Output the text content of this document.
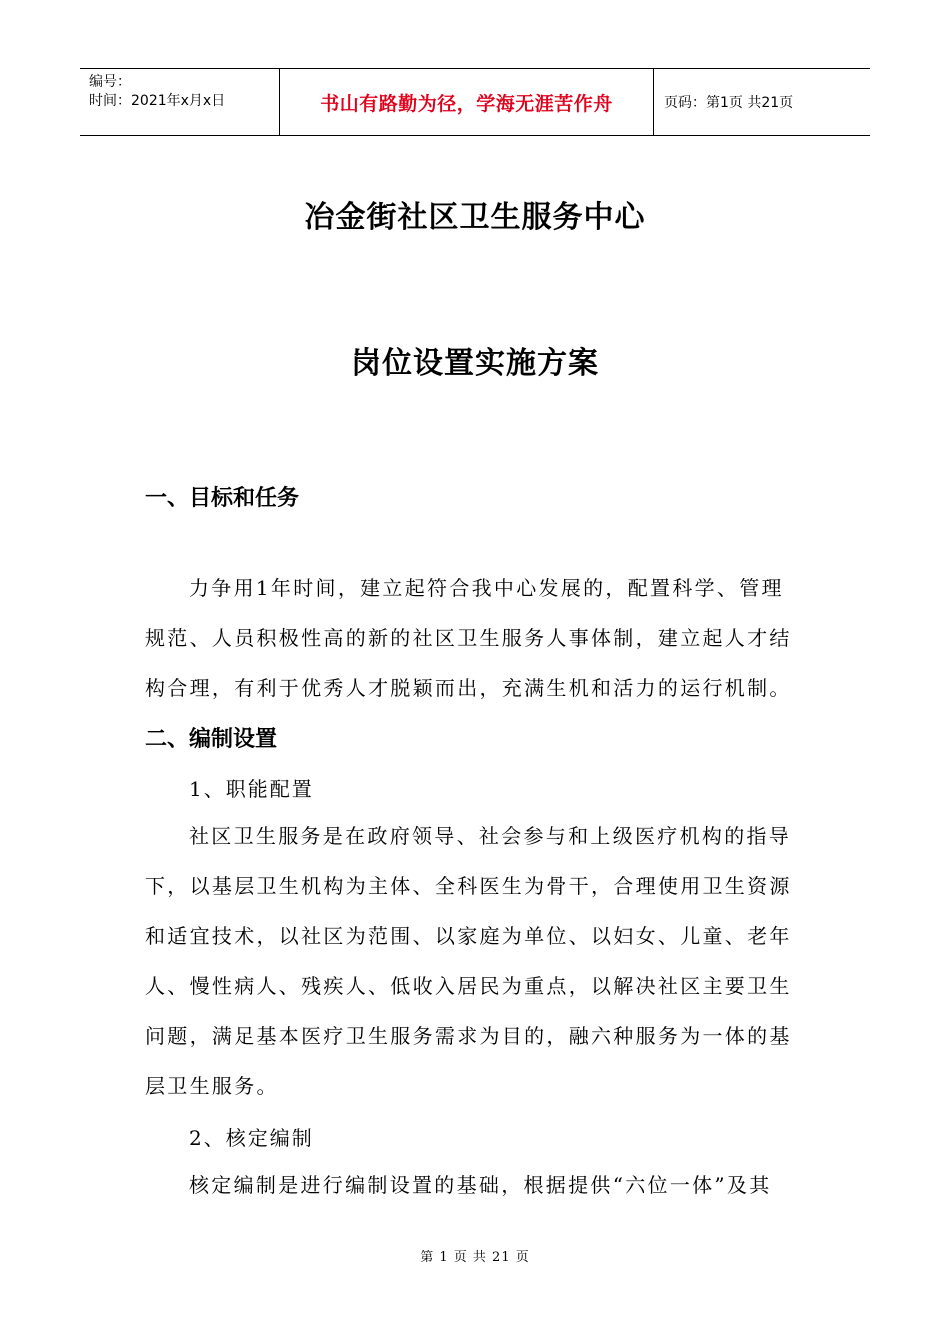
编号：
时间：2021年x月x日	书山有路勤为径，学海无涯苦作舟	页码：第1页 共21页
冶金街社区卫生服务中心
岗位设置实施方案
一、目标和任务
力争用1年时间，建立起符合我中心发展的，配置科学、管理规范、人员积极性高的新的社区卫生服务人事体制，建立起人才结构合理，有利于优秀人才脱颖而出，充满生机和活力的运行机制。
二、编制设置
1、职能配置
社区卫生服务是在政府领导、社会参与和上级医疗机构的指导下，以基层卫生机构为主体、全科医生为骨干，合理使用卫生资源和适宜技术，以社区为范围、以家庭为单位、以妇女、儿童、老年人、慢性病人、残疾人、低收入居民为重点，以解决社区主要卫生问题，满足基本医疗卫生服务需求为目的，融六种服务为一体的基层卫生服务。
2、核定编制
核定编制是进行编制设置的基础，根据提供“六位一体”及其
第 1 页 共 21 页
